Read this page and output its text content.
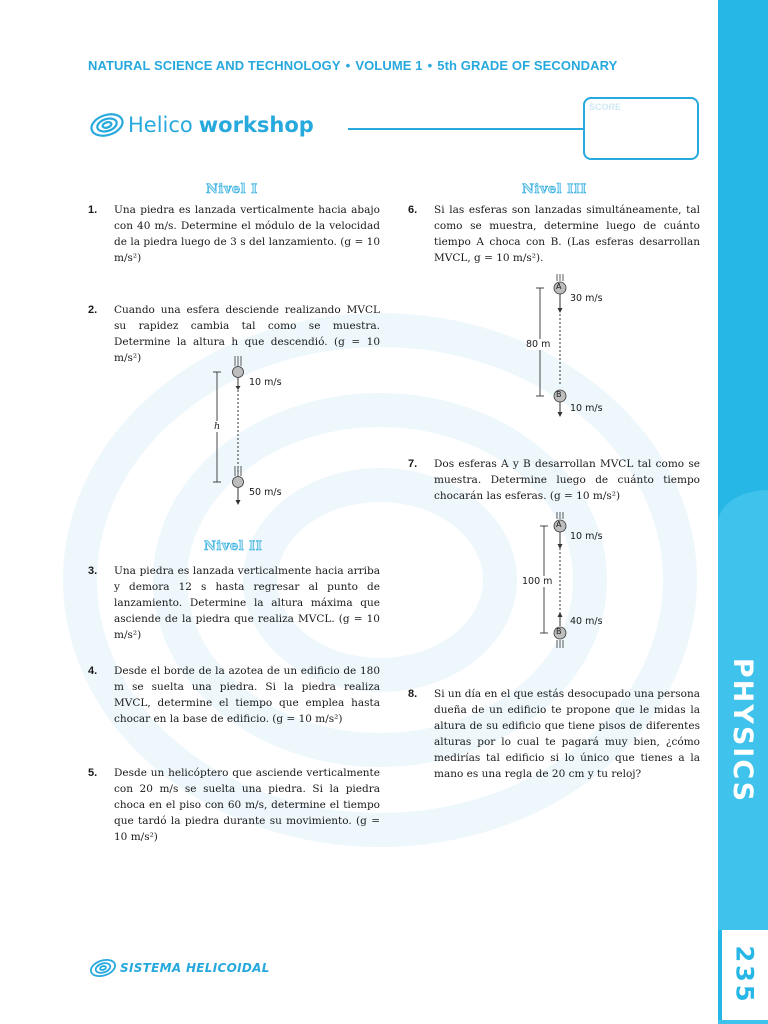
PHYSICS
235
NATURAL SCIENCE AND TECHNOLOGY • VOLUME 1 • 5th GRADE OF SECONDARY
Helico workshop
SCORE
Nivel I
Nivel II
Nivel III
1. Una piedra es lanzada verticalmente hacia abajo con 40 m/s. Determine el módulo de la velocidad de la piedra luego de 3 s del lanzamiento. (g = 10 m/s²)
2. Cuando una esfera desciende realizando MVCL su rapidez cambia tal como se muestra. Determine la altura h que descendió. (g = 10 m/s²)
10 m/s
50 m/s
h
3. Una piedra es lanzada verticalmente hacia arriba y demora 12 s hasta regresar al punto de lanzamiento. Determine la altura máxima que asciende de la piedra que realiza MVCL. (g = 10 m/s²)
4. Desde el borde de la azotea de un edificio de 180 m se suelta una piedra. Si la piedra realiza MVCL, determine el tiempo que emplea hasta chocar en la base de edificio. (g = 10 m/s²)
5. Desde un helicóptero que asciende verticalmente con 20 m/s se suelta una piedra. Si la piedra choca en el piso con 60 m/s, determine el tiempo que tardó la piedra durante su movimiento. (g = 10 m/s²)
6. Si las esferas son lanzadas simultáneamente, tal como se muestra, determine luego de cuánto tiempo A choca con B. (Las esferas desarrollan MVCL, g = 10 m/s²).
A
B
30 m/s
10 m/s
80 m
7. Dos esferas A y B desarrollan MVCL tal como se muestra. Determine luego de cuánto tiempo chocarán las esferas. (g = 10 m/s²)
A
B
10 m/s
40 m/s
100 m
8. Si un día en el que estás desocupado una persona dueña de un edificio te propone que le midas la altura de su edificio que tiene pisos de diferentes alturas por lo cual te pagará muy bien, ¿cómo medirías tal edificio si lo único que tienes a la mano es una regla de 20 cm y tu reloj?
SISTEMA HELICOIDAL
